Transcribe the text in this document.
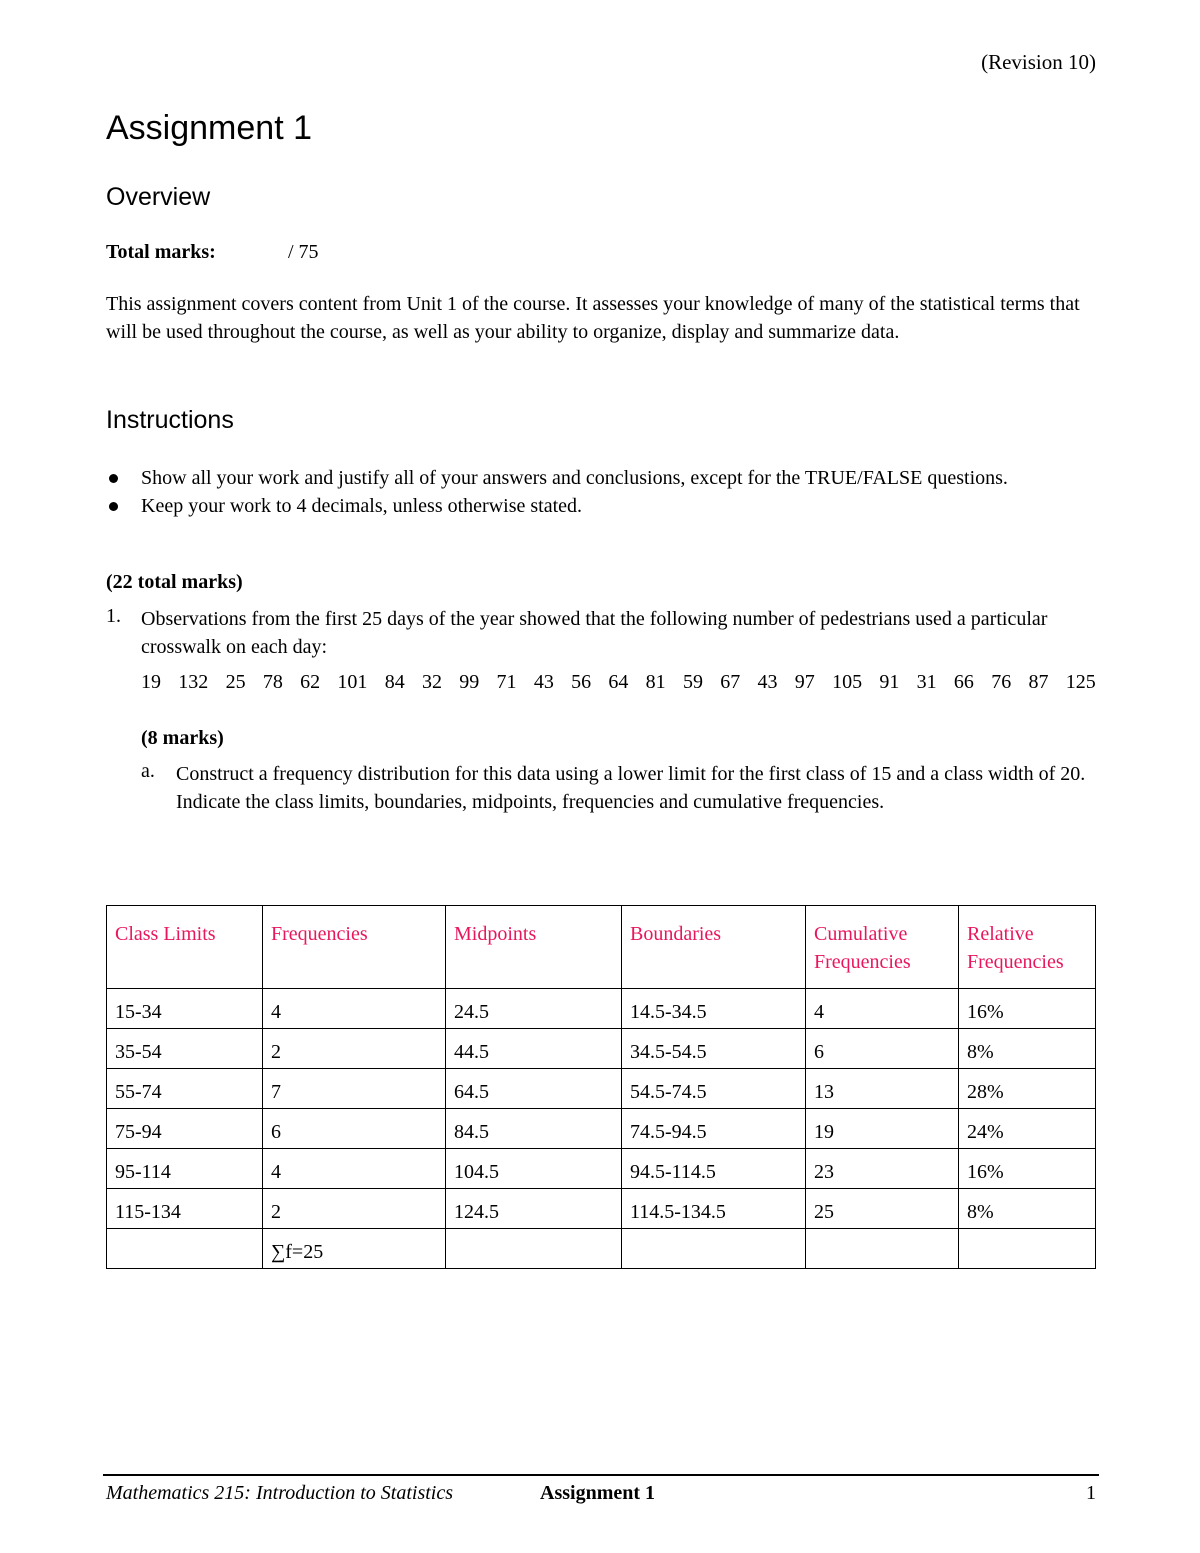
(Revision 10)
Assignment 1
Overview
Total marks:	/ 75
This assignment covers content from Unit 1 of the course. It assesses your knowledge of many of the statistical terms that will be used throughout the course, as well as your ability to organize, display and summarize data.
Instructions
Show all your work and justify all of your answers and conclusions, except for the TRUE/FALSE questions.
Keep your work to 4 decimals, unless otherwise stated.
(22 total marks)
1. Observations from the first 25 days of the year showed that the following number of pedestrians used a particular crosswalk on each day:
19 132 25 78 62 101 84 32 99 71 43 56 64 81 59 67 43 97 105 91 31 66 76 87 125
(8 marks)
a. Construct a frequency distribution for this data using a lower limit for the first class of 15 and a class width of 20. Indicate the class limits, boundaries, midpoints, frequencies and cumulative frequencies.
Class Limits	Frequencies	Midpoints	Boundaries	Cumulative Frequencies	Relative Frequencies
15-34	4	24.5	14.5-34.5	4	16%
35-54	2	44.5	34.5-54.5	6	8%
55-74	7	64.5	54.5-74.5	13	28%
75-94	6	84.5	74.5-94.5	19	24%
95-114	4	104.5	94.5-114.5	23	16%
115-134	2	124.5	114.5-134.5	25	8%
	∑f=25				
Mathematics 215: Introduction to Statistics	Assignment 1	1
